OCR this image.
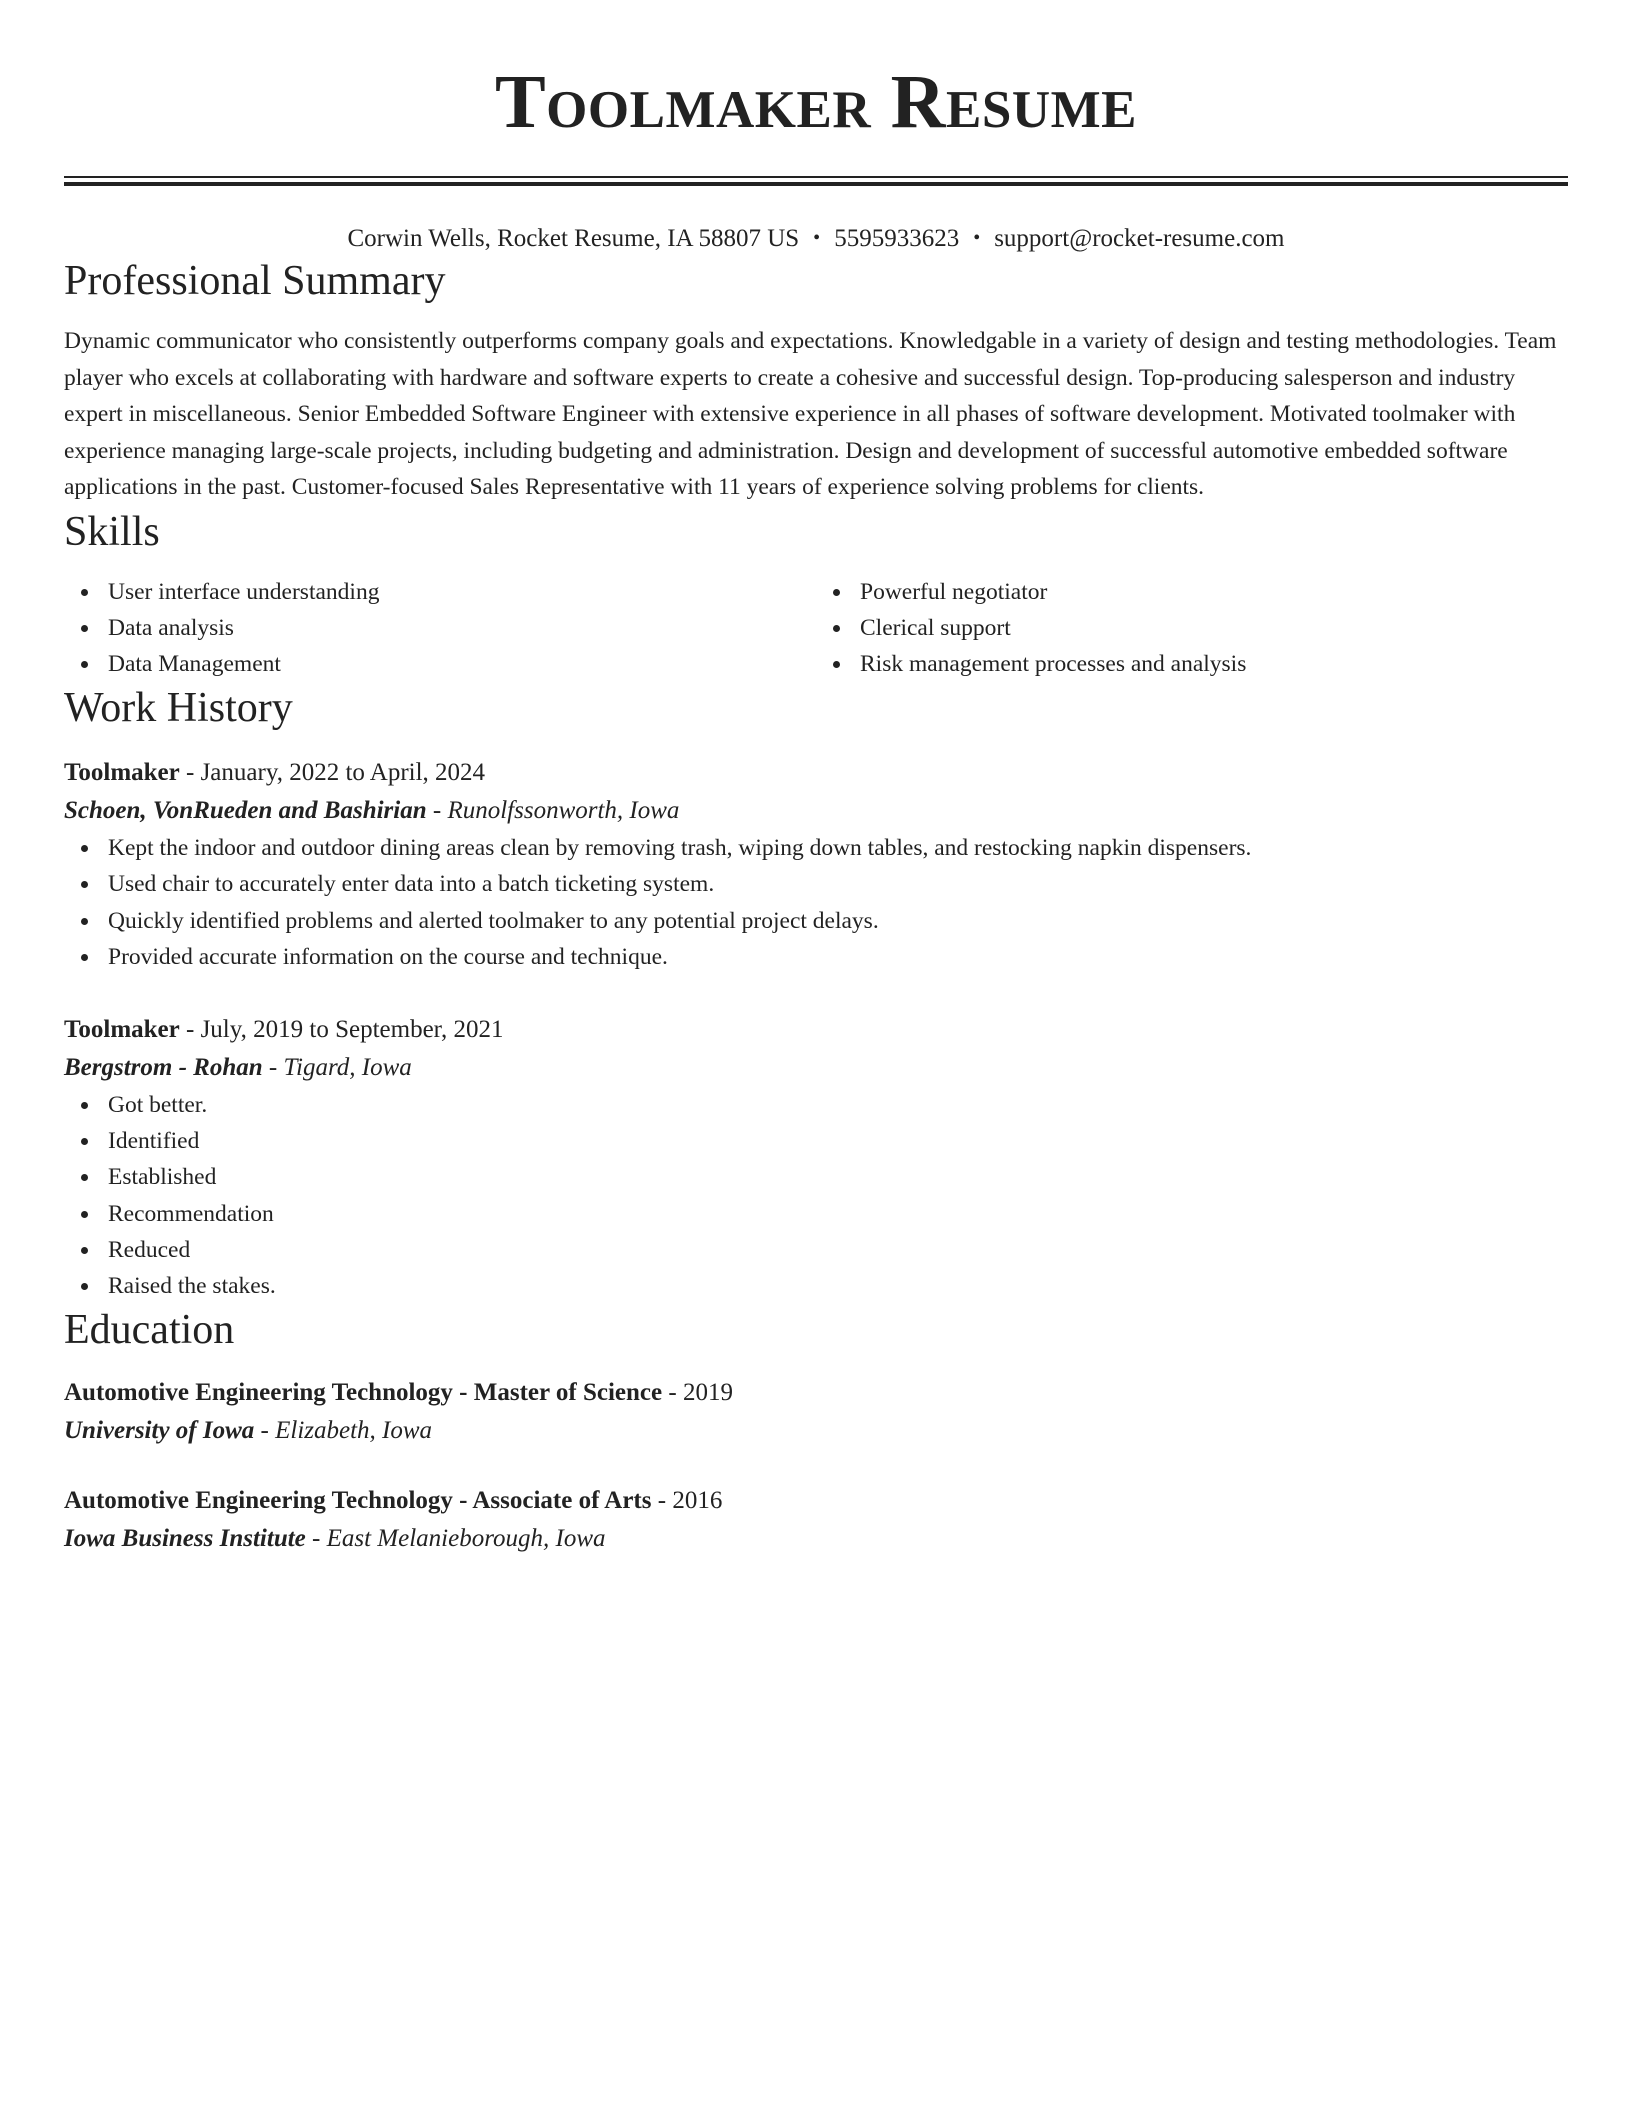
Toolmaker Resume
Corwin Wells, Rocket Resume, IA 58807 US • 5595933623 • support@rocket-resume.com
Professional Summary

Dynamic communicator who consistently outperforms company goals and expectations. Knowledgable in a variety of design and testing methodologies. Team player who excels at collaborating with hardware and software experts to create a cohesive and successful design. Top-producing salesperson and industry expert in miscellaneous. Senior Embedded Software Engineer with extensive experience in all phases of software development. Motivated toolmaker with experience managing large-scale projects, including budgeting and administration. Design and development of successful automotive embedded software applications in the past. Customer-focused Sales Representative with 11 years of experience solving problems for clients.

Skills
User interface understanding
Data analysis
Data Management
Powerful negotiator
Clerical support
Risk management processes and analysis
Work History
Toolmaker - January, 2022 to April, 2024
Schoen, VonRueden and Bashirian - Runolfssonworth, Iowa
Kept the indoor and outdoor dining areas clean by removing trash, wiping down tables, and restocking napkin dispensers.
Used chair to accurately enter data into a batch ticketing system.
Quickly identified problems and alerted toolmaker to any potential project delays.
Provided accurate information on the course and technique.
Toolmaker - July, 2019 to September, 2021
Bergstrom - Rohan - Tigard, Iowa
Got better.
Identified
Established
Recommendation
Reduced
Raised the stakes.
Education
Automotive Engineering Technology - Master of Science - 2019
University of Iowa - Elizabeth, Iowa
Automotive Engineering Technology - Associate of Arts - 2016
Iowa Business Institute - East Melanieborough, Iowa
